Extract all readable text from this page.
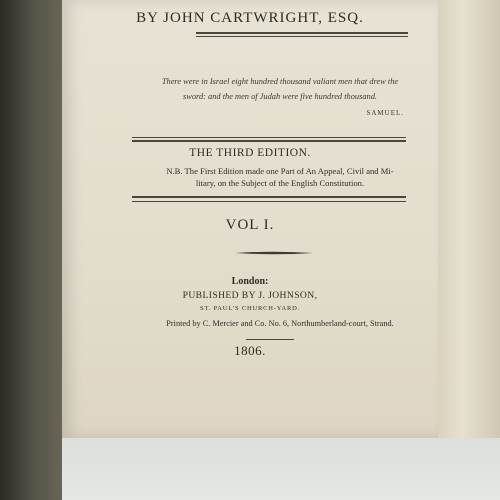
BY JOHN CARTWRIGHT, ESQ.
There were in Israel eight hundred thousand valiant men that drew the
sword: and the men of Judah were five hundred thousand.
SAMUEL.
THE THIRD EDITION.
N.B. The First Edition made one Part of An Appeal, Civil and Mi-
litary, on the Subject of the English Constitution.
VOL I.
London:
PUBLISHED BY J. JOHNSON,
ST. PAUL'S CHURCH-YARD.
Printed by C. Mercier and Co. No. 6, Northumberland-court, Strand.
1806.
